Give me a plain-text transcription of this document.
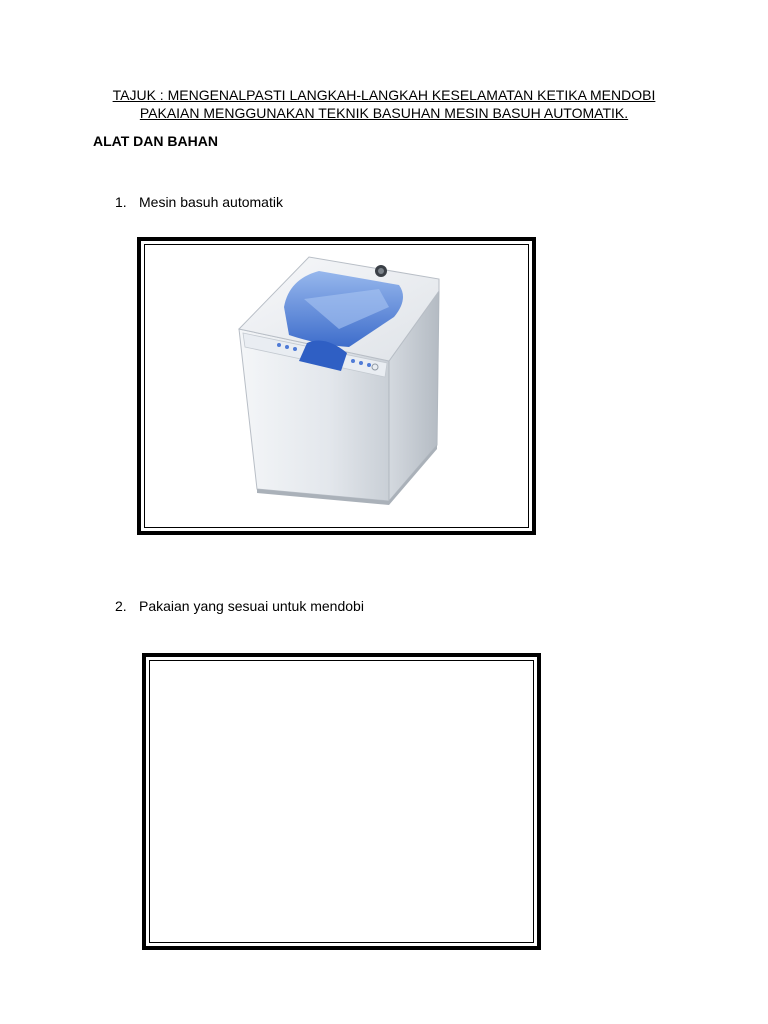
TAJUK : MENGENALPASTI LANGKAH-LANGKAH KESELAMATAN KETIKA MENDOBI
PAKAIAN MENGGUNAKAN TEKNIK BASUHAN MESIN BASUH AUTOMATIK.
ALAT DAN BAHAN
1. Mesin basuh automatik
2. Pakaian yang sesuai untuk mendobi
